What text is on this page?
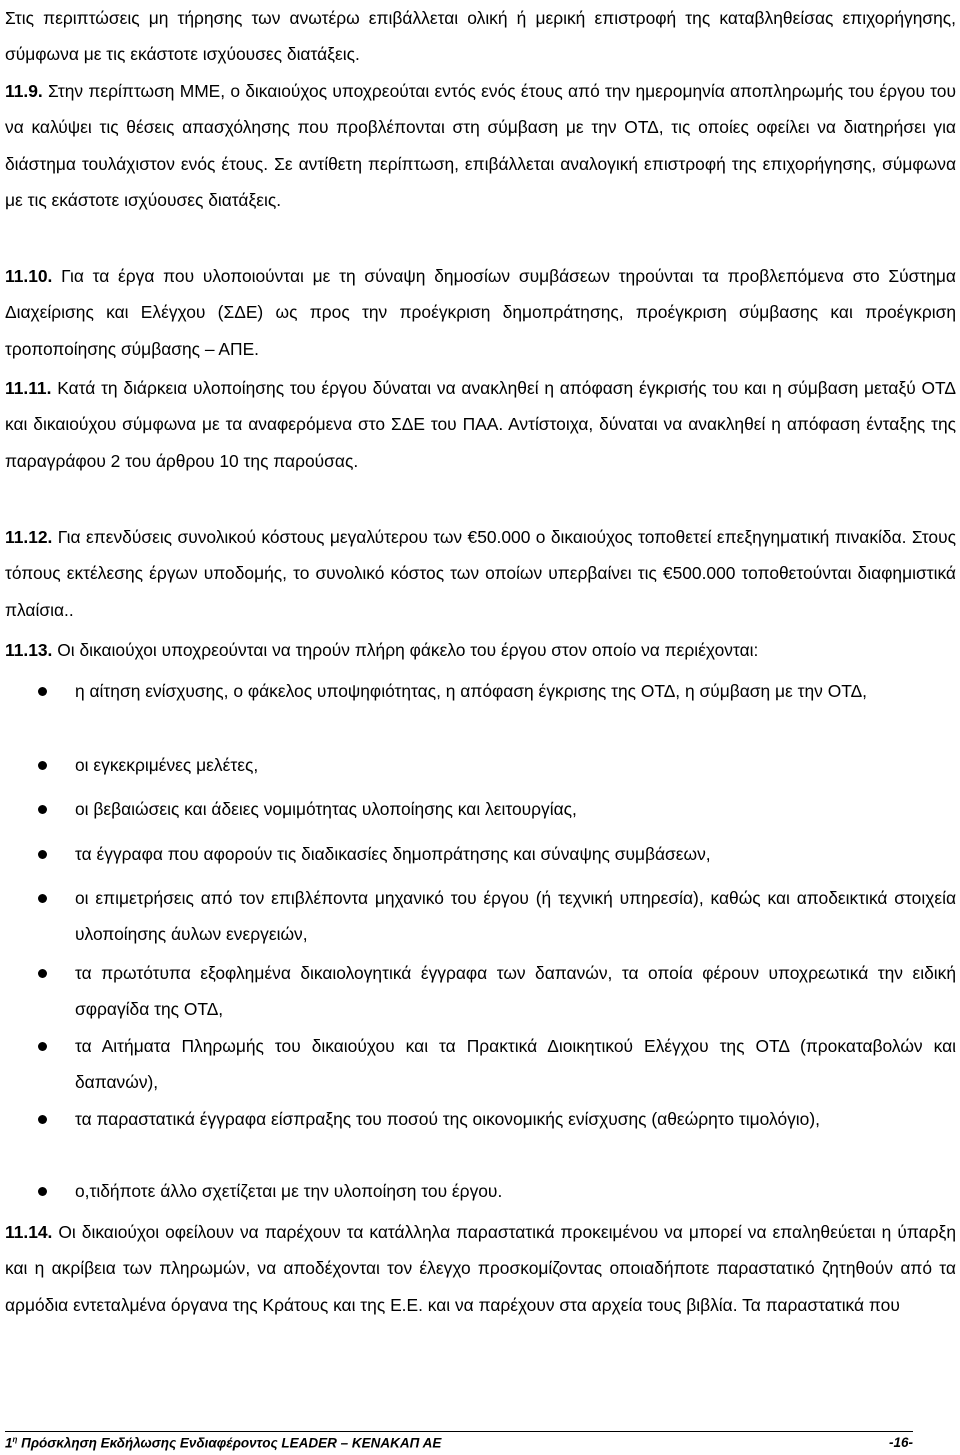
Στις περιπτώσεις μη τήρησης των ανωτέρω επιβάλλεται ολική ή μερική επιστροφή της καταβληθείσας επιχορήγησης, σύμφωνα με τις εκάστοτε ισχύουσες διατάξεις.

11.9. Στην περίπτωση ΜΜΕ, ο δικαιούχος υποχρεούται εντός ενός έτους από την ημερομηνία αποπληρωμής του έργου του να καλύψει τις θέσεις απασχόλησης που προβλέπονται στη σύμβαση με την ΟΤΔ, τις οποίες οφείλει να διατηρήσει για διάστημα τουλάχιστον ενός έτους. Σε αντίθετη περίπτωση, επιβάλλεται αναλογική επιστροφή της επιχορήγησης, σύμφωνα με τις εκάστοτε ισχύουσες διατάξεις.

11.10. Για τα έργα που υλοποιούνται με τη σύναψη δημοσίων συμβάσεων τηρούνται τα προβλεπόμενα στο Σύστημα Διαχείρισης και Ελέγχου (ΣΔΕ) ως προς την προέγκριση δημοπράτησης, προέγκριση σύμβασης και προέγκριση τροποποίησης σύμβασης – ΑΠΕ.

11.11. Κατά τη διάρκεια υλοποίησης του έργου δύναται να ανακληθεί η απόφαση έγκρισής του και η σύμβαση μεταξύ ΟΤΔ και δικαιούχου σύμφωνα με τα αναφερόμενα στο ΣΔΕ του ΠΑΑ. Αντίστοιχα, δύναται να ανακληθεί η απόφαση ένταξης της παραγράφου 2 του άρθρου 10 της παρούσας.

11.12. Για επενδύσεις συνολικού κόστους μεγαλύτερου των €50.000 ο δικαιούχος τοποθετεί επεξηγηματική πινακίδα. Στους τόπους εκτέλεσης έργων υποδομής, το συνολικό κόστος των οποίων υπερβαίνει τις €500.000 τοποθετούνται διαφημιστικά πλαίσια..

11.13. Οι δικαιούχοι υποχρεούνται να τηρούν πλήρη φάκελο του έργου στον οποίο να περιέχονται:

η αίτηση ενίσχυσης, ο φάκελος υποψηφιότητας, η απόφαση έγκρισης της ΟΤΔ, η σύμβαση με την ΟΤΔ,
οι εγκεκριμένες μελέτες,
οι βεβαιώσεις και άδειες νομιμότητας υλοποίησης και λειτουργίας,
τα έγγραφα που αφορούν τις διαδικασίες δημοπράτησης και σύναψης συμβάσεων,
οι επιμετρήσεις από τον επιβλέποντα μηχανικό του έργου (ή τεχνική υπηρεσία), καθώς και αποδεικτικά στοιχεία υλοποίησης άυλων ενεργειών,
τα πρωτότυπα εξοφλημένα δικαιολογητικά έγγραφα των δαπανών, τα οποία φέρουν υποχρεωτικά την ειδική σφραγίδα της ΟΤΔ,
τα Αιτήματα Πληρωμής του δικαιούχου και τα Πρακτικά Διοικητικού Ελέγχου της ΟΤΔ (προκαταβολών και δαπανών),
τα παραστατικά έγγραφα είσπραξης του ποσού της οικονομικής ενίσχυσης (αθεώρητο τιμολόγιο),
ο,τιδήποτε άλλο σχετίζεται με την υλοποίηση του έργου.

11.14. Οι δικαιούχοι οφείλουν να παρέχουν τα κατάλληλα παραστατικά προκειμένου να μπορεί να επαληθεύεται η ύπαρξη και η ακρίβεια των πληρωμών, να αποδέχονται τον έλεγχο προσκομίζοντας οποιαδήποτε παραστατικό ζητηθούν από τα αρμόδια εντεταλμένα όργανα της Κράτους και της Ε.Ε. και να παρέχουν στα αρχεία τους βιβλία. Τα παραστατικά που

$1^\eta$ Πρόσκληση Εκδήλωσης Ενδιαφέροντος LEADER – ΚΕΝΑΚΑΠ ΑΕ	-16-
